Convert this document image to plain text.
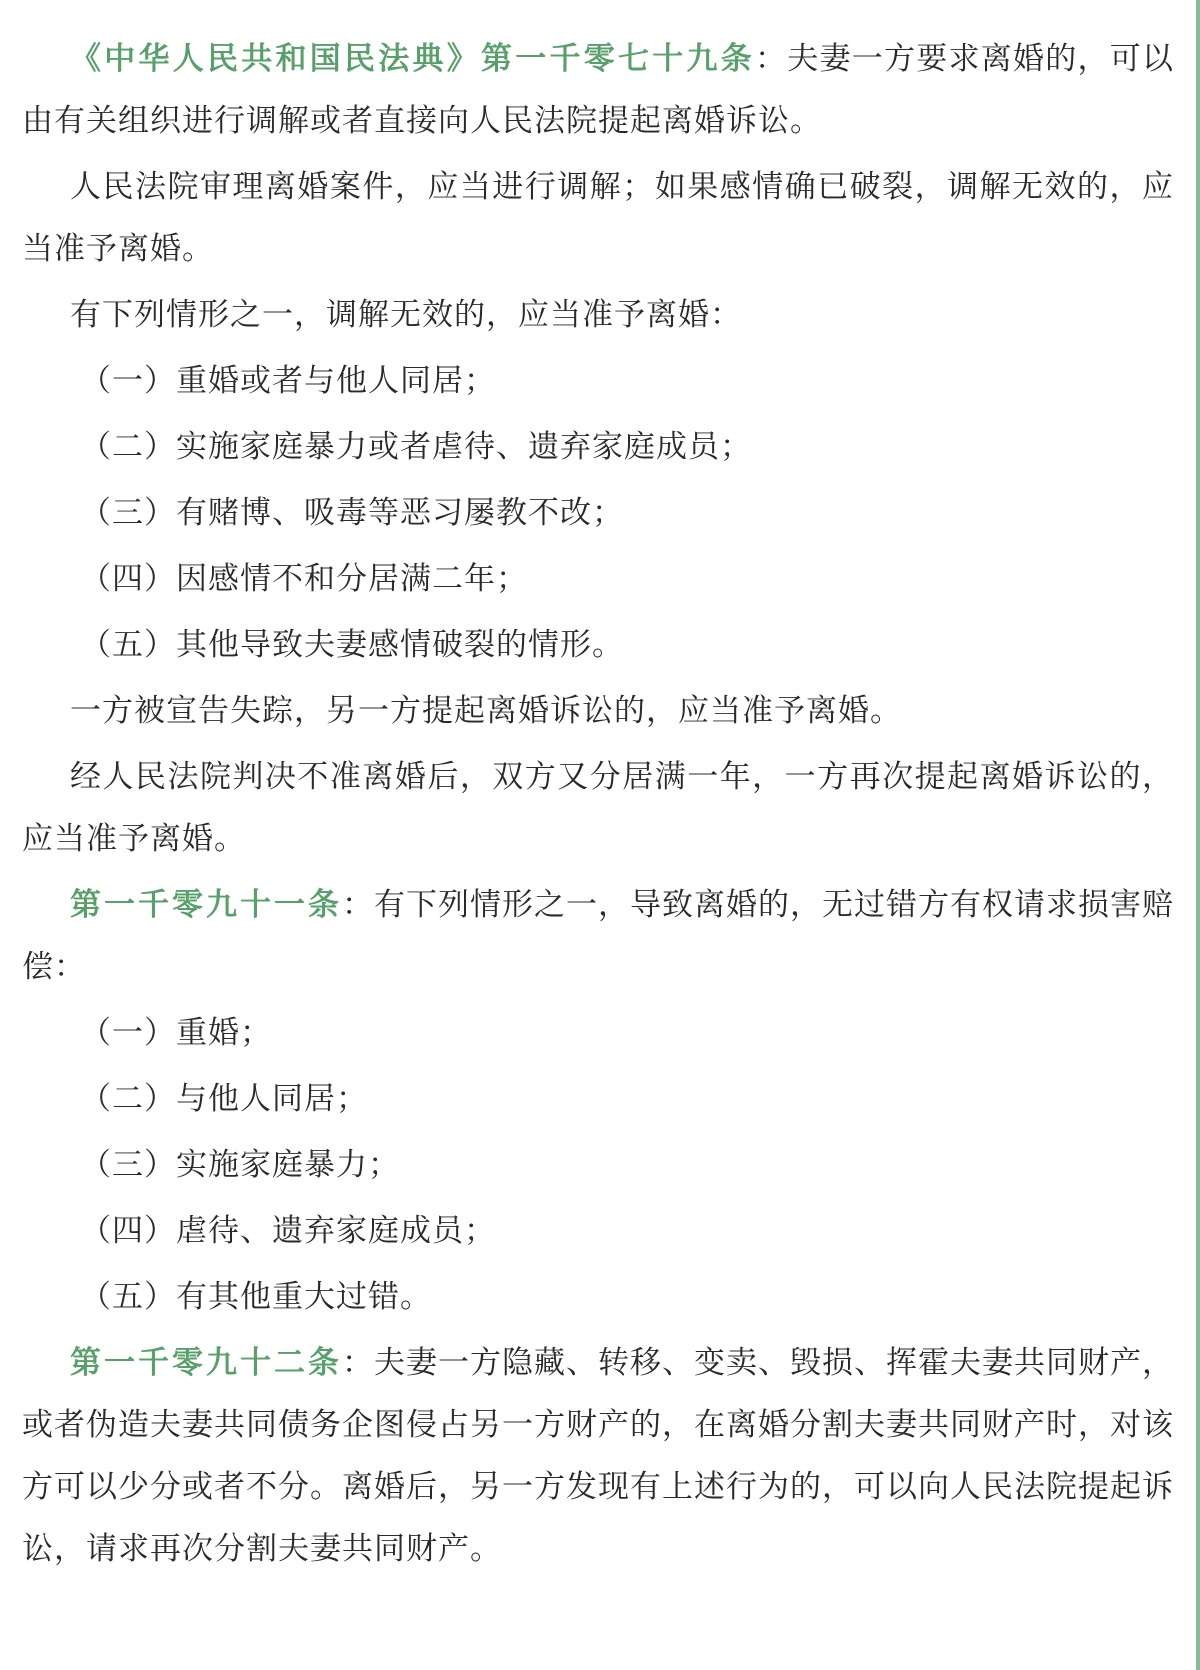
《中华人民共和国民法典》第一千零七十九条：夫妻一方要求离婚的，可以由有关组织进行调解或者直接向人民法院提起离婚诉讼。

人民法院审理离婚案件，应当进行调解；如果感情确已破裂，调解无效的，应当准予离婚。

有下列情形之一，调解无效的，应当准予离婚：

（一）重婚或者与他人同居；

（二）实施家庭暴力或者虐待、遗弃家庭成员；

（三）有赌博、吸毒等恶习屡教不改；

（四）因感情不和分居满二年；

（五）其他导致夫妻感情破裂的情形。

一方被宣告失踪，另一方提起离婚诉讼的，应当准予离婚。

经人民法院判决不准离婚后，双方又分居满一年，一方再次提起离婚诉讼的，应当准予离婚。

第一千零九十一条：有下列情形之一，导致离婚的，无过错方有权请求损害赔偿：

（一）重婚；

（二）与他人同居；

（三）实施家庭暴力；

（四）虐待、遗弃家庭成员；

（五）有其他重大过错。

第一千零九十二条：夫妻一方隐藏、转移、变卖、毁损、挥霍夫妻共同财产，或者伪造夫妻共同债务企图侵占另一方财产的，在离婚分割夫妻共同财产时，对该方可以少分或者不分。离婚后，另一方发现有上述行为的，可以向人民法院提起诉讼，请求再次分割夫妻共同财产。
